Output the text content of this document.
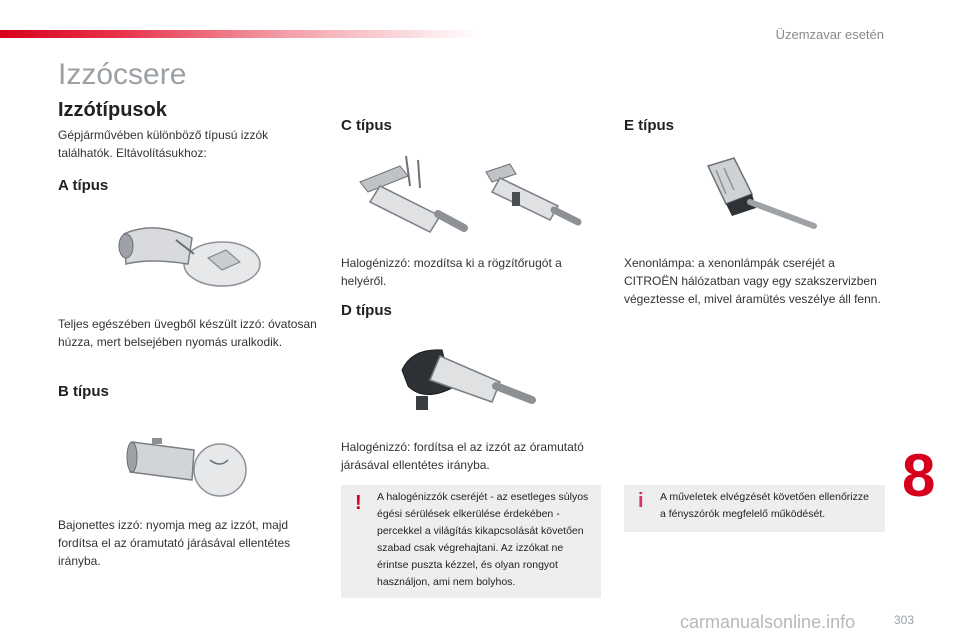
Üzemzavar esetén
Izzócsere
Izzótípusok

Gépjárművében különböző típusú izzók találhatók. Eltávolításukhoz:

A típus

Teljes egészében üvegből készült izzó: óvatosan húzza, mert belsejében nyomás uralkodik.

B típus

Bajonettes izzó: nyomja meg az izzót, majd fordítsa el az óramutató járásával ellentétes irányba.

C típus

Halogénizzó: mozdítsa ki a rögzítőrugót a helyéről.

D típus

Halogénizzó: fordítsa el az izzót az óramutató járásával ellentétes irányba.

! A halogénizzók cseréjét - az esetleges súlyos égési sérülések elkerülése érdekében - percekkel a világítás kikapcsolását követően szabad csak végrehajtani. Az izzókat ne érintse puszta kézzel, és olyan rongyot használjon, ami nem bolyhos.
E típus

Xenonlámpa: a xenonlámpák cseréjét a CITROËN hálózatban vagy egy szakszervizben végeztesse el, mivel áramütés veszélye áll fenn.

i A műveletek elvégzését követően ellenőrizze a fényszórók megfelelő működését.
8
carmanualsonline.info	303
